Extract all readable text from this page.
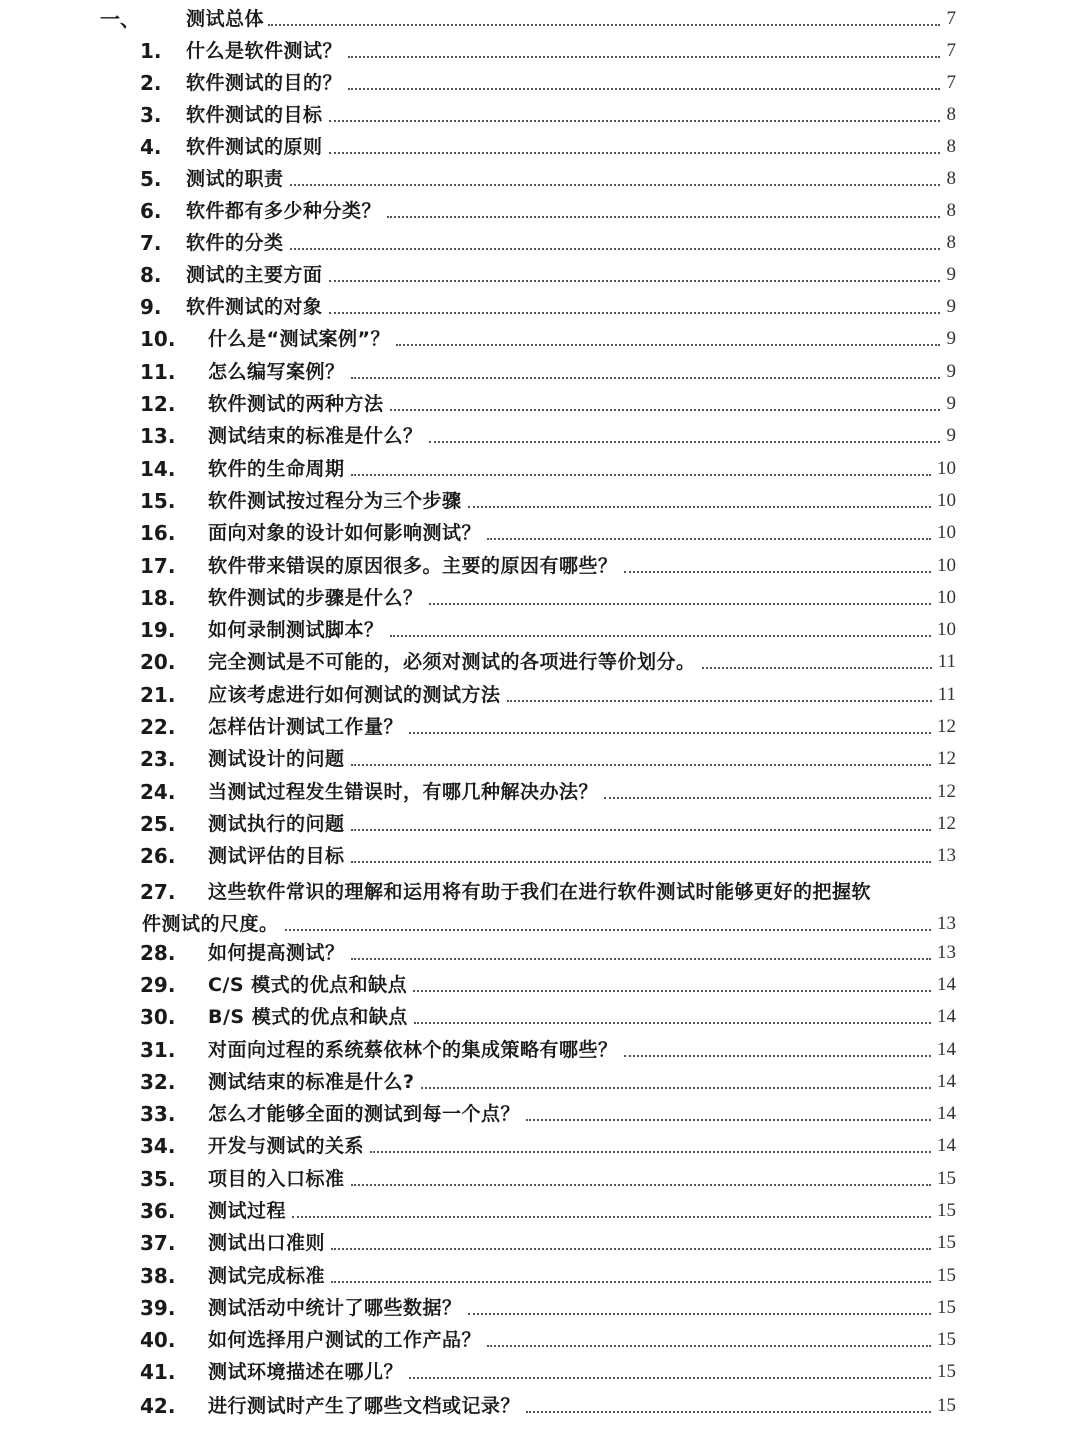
一、 测试总体	7
1. 什么是软件测试？	7
2. 软件测试的目的？	7
3. 软件测试的目标	8
4. 软件测试的原则	8
5. 测试的职责	8
6. 软件都有多少种分类？	8
7. 软件的分类	8
8. 测试的主要方面	9
9. 软件测试的对象	9
10. 什么是“测试案例”？	9
11. 怎么编写案例？	9
12. 软件测试的两种方法	9
13. 测试结束的标准是什么？	9
14. 软件的生命周期	10
15. 软件测试按过程分为三个步骤	10
16. 面向对象的设计如何影响测试？	10
17. 软件带来错误的原因很多。主要的原因有哪些？	10
18. 软件测试的步骤是什么？	10
19. 如何录制测试脚本？	10
20. 完全测试是不可能的，必须对测试的各项进行等价划分。	11
21. 应该考虑进行如何测试的测试方法	11
22. 怎样估计测试工作量？	12
23. 测试设计的问题	12
24. 当测试过程发生错误时，有哪几种解决办法？	12
25. 测试执行的问题	12
26. 测试评估的目标	13
27. 这些软件常识的理解和运用将有助于我们在进行软件测试时能够更好的把握软
件测试的尺度。	13
28. 如何提高测试？	13
29. C/S 模式的优点和缺点	14
30. B/S 模式的优点和缺点	14
31. 对面向过程的系统蔡依林个的集成策略有哪些？	14
32. 测试结束的标准是什么?	14
33. 怎么才能够全面的测试到每一个点？	14
34. 开发与测试的关系	14
35. 项目的入口标准	15
36. 测试过程	15
37. 测试出口准则	15
38. 测试完成标准	15
39. 测试活动中统计了哪些数据？	15
40. 如何选择用户测试的工作产品？	15
41. 测试环境描述在哪儿？	15
42. 进行测试时产生了哪些文档或记录？	15
